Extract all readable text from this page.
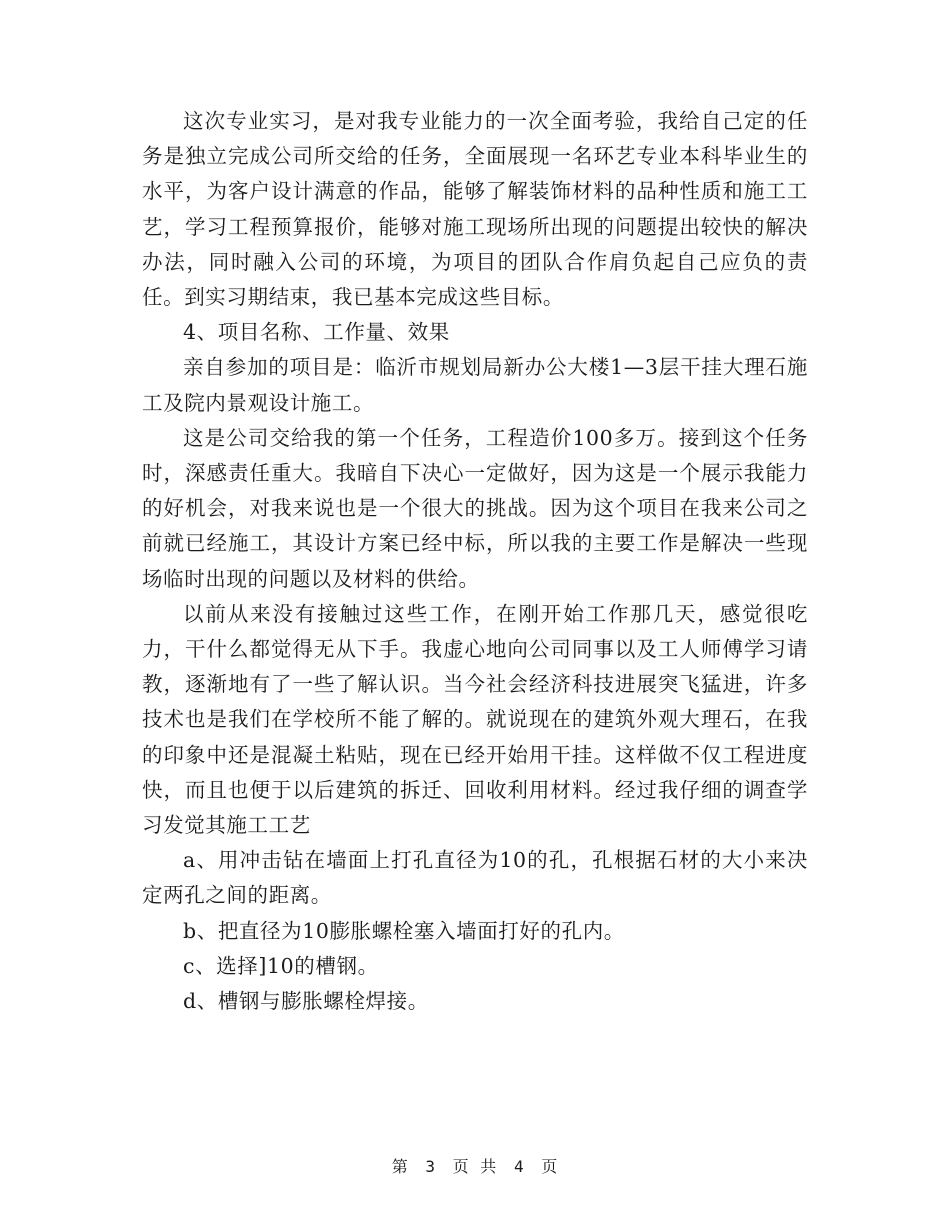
这次专业实习，是对我专业能力的一次全面考验，我给自己定的任务是独立完成公司所交给的任务，全面展现一名环艺专业本科毕业生的水平，为客户设计满意的作品，能够了解装饰材料的品种性质和施工工艺，学习工程预算报价，能够对施工现场所出现的问题提出较快的解决办法，同时融入公司的环境，为项目的团队合作肩负起自己应负的责任。到实习期结束，我已基本完成这些目标。

4、项目名称、工作量、效果

亲自参加的项目是：临沂市规划局新办公大楼1—3层干挂大理石施工及院内景观设计施工。

这是公司交给我的第一个任务，工程造价100多万。接到这个任务时，深感责任重大。我暗自下决心一定做好，因为这是一个展示我能力的好机会，对我来说也是一个很大的挑战。因为这个项目在我来公司之前就已经施工，其设计方案已经中标，所以我的主要工作是解决一些现场临时出现的问题以及材料的供给。

以前从来没有接触过这些工作，在刚开始工作那几天，感觉很吃力，干什么都觉得无从下手。我虚心地向公司同事以及工人师傅学习请教，逐渐地有了一些了解认识。当今社会经济科技进展突飞猛进，许多技术也是我们在学校所不能了解的。就说现在的建筑外观大理石，在我的印象中还是混凝土粘贴，现在已经开始用干挂。这样做不仅工程进度快，而且也便于以后建筑的拆迁、回收利用材料。经过我仔细的调查学习发觉其施工工艺

a、用冲击钻在墙面上打孔直径为10的孔，孔根据石材的大小来决定两孔之间的距离。

b、把直径为10膨胀螺栓塞入墙面打好的孔内。

c、选择]10的槽钢。

d、槽钢与膨胀螺栓焊接。

第 3 页 共 4 页
